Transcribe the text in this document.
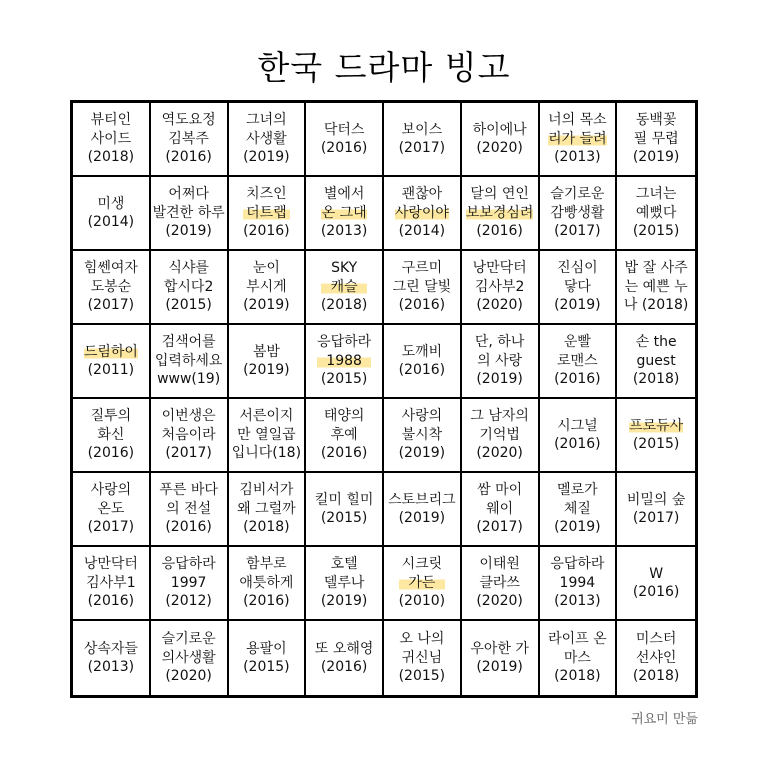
한국 드라마 빙고
뷰티인
사이드
(2018)
역도요정
김복주
(2016)
그녀의
사생활
(2019)
닥터스
(2016)
보이스
(2017)
하이에나
(2020)
너의 목소
리가 들려
(2013)
동백꽃
필 무렵
(2019)
미생
(2014)
어쩌다
발견한 하루
(2019)
치즈인
더트랩
(2016)
별에서
온 그대
(2013)
괜찮아
사랑이야
(2014)
달의 연인
보보경심려
(2016)
슬기로운
감빵생활
(2017)
그녀는
예뻤다
(2015)
힘쎈여자
도봉순
(2017)
식샤를
합시다2
(2015)
눈이
부시게
(2019)
SKY
캐슬
(2018)
구르미
그린 달빛
(2016)
낭만닥터
김사부2
(2020)
진심이
닿다
(2019)
밥 잘 사주
는 예쁜 누
나 (2018)
드림하이
(2011)
검색어를
입력하세요
www(19)
봄밤
(2019)
응답하라
1988
(2015)
도깨비
(2016)
단, 하나
의 사랑
(2019)
운빨
로맨스
(2016)
손 the
guest
(2018)
질투의
화신
(2016)
이번생은
처음이라
(2017)
서른이지
만 열일곱
입니다(18)
태양의
후예
(2016)
사랑의
불시착
(2019)
그 남자의
기억법
(2020)
시그널
(2016)
프로듀사
(2015)
사랑의
온도
(2017)
푸른 바다
의 전설
(2016)
김비서가
왜 그럴까
(2018)
킬미 힐미
(2015)
스토브리그
(2019)
쌈 마이
웨이
(2017)
멜로가
체질
(2019)
비밀의 숲
(2017)
낭만닥터
김사부1
(2016)
응답하라
1997
(2012)
함부로
애틋하게
(2016)
호텔
델루나
(2019)
시크릿
가든
(2010)
이태원
클라쓰
(2020)
응답하라
1994
(2013)
W
(2016)
상속자들
(2013)
슬기로운
의사생활
(2020)
용팔이
(2015)
또 오해영
(2016)
오 나의
귀신님
(2015)
우아한 가
(2019)
라이프 온
마스
(2018)
미스터
선샤인
(2018)
귀요미 만듦
